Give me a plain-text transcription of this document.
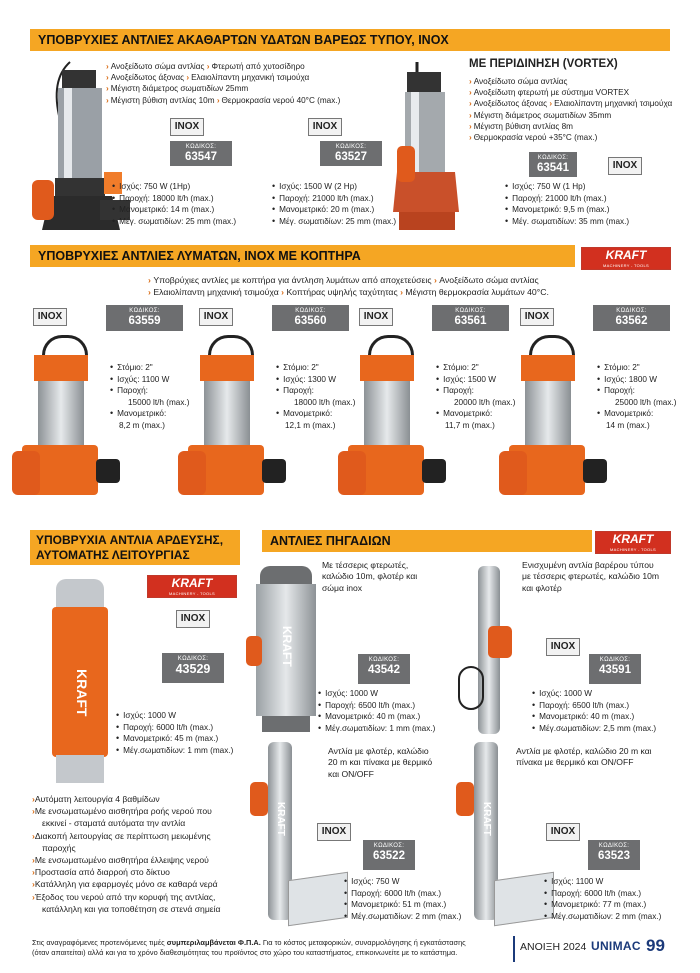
ΥΠΟΒΡΥΧΙΕΣ ΑΝΤΛΙΕΣ ΑΚΑΘΑΡΤΩΝ ΥΔΑΤΩΝ ΒΑΡΕΩΣ ΤΥΠΟΥ, INOX
› Ανοξείδωτο σώμα αντλίας › Φτερωτή από χυτοσίδηρο
› Ανοξείδωτος άξονας › Ελαιολίπαντη μηχανική τσιμούχα
› Μέγιστη διάμετρος σωματιδίων 25mm
› Μέγιστη βύθιση αντλίας 10m › Θερμοκρασία νερού 40°C (max.)
INOX
ΚΩΔΙΚΟΣ:
63547
• Ισχύς: 750 W (1Hp)
• Παροχή: 18000 lt/h (max.)
• Μανομετρικό: 14 m (max.)
• Μέγ. σωματιδίων: 25 mm (max.)
INOX
ΚΩΔΙΚΟΣ:
63527
• Ισχύς: 1500 W (2 Hp)
• Παροχή: 21000 lt/h (max.)
• Μανομετρικό: 20 m (max.)
• Μέγ. σωματιδίων: 25 mm (max.)
ΜΕ ΠΕΡΙΔΙΝΗΣΗ (VORTEX)
› Ανοξείδωτο σώμα αντλίας
› Ανοξείδωτη φτερωτή με σύστημα VORTEX
› Ανοξείδωτος άξονας › Ελαιολίπαντη μηχανική τσιμούχα
› Μέγιστη διάμετρος σωματιδίων 35mm
› Μέγιστη βύθιση αντλίας 8m
› Θερμοκρασία νερού +35°C (max.)
ΚΩΔΙΚΟΣ:
63541	INOX
• Ισχύς: 750 W (1 Hp)
• Παροχή: 21000 lt/h (max.)
• Μανομετρικό: 9,5 m (max.)
• Μέγ. σωματιδίων: 35 mm (max.)
ΥΠΟΒΡΥΧΙΕΣ ΑΝΤΛΙΕΣ ΛΥΜΑΤΩΝ, INOX ΜΕ ΚΟΠΤΗΡΑ	KRAFT
MACHINERY - TOOLS
› Υποβρύχιες αντλίες με κοπτήρα για άντληση λυμάτων από αποχετεύσεις › Ανοξείδωτο σώμα αντλίας
› Ελαιολίπαντη μηχανική τσιμούχα › Κοπτήρας υψηλής ταχύτητας › Μέγιστη θερμοκρασία λυμάτων 40°C.
INOX	ΚΩΔΙΚΟΣ:
63559
• Στόμιο: 2"
• Ισχύς: 1100 W
• Παροχή:
15000 lt/h (max.)
• Μανομετρικό:
8,2 m (max.)
INOX	ΚΩΔΙΚΟΣ:
63560
• Στόμιο: 2"
• Ισχύς: 1300 W
• Παροχή:
18000 lt/h (max.)
• Μανομετρικό:
12,1 m (max.)
INOX	ΚΩΔΙΚΟΣ:
63561
• Στόμιο: 2"
• Ισχύς: 1500 W
• Παροχή:
20000 lt/h (max.)
• Μανομετρικό:
11,7 m (max.)
INOX	ΚΩΔΙΚΟΣ:
63562
• Στόμιο: 2"
• Ισχύς: 1800 W
• Παροχή:
25000 lt/h (max.)
• Μανομετρικό:
14 m (max.)
ΥΠΟΒΡΥΧΙΑ ΑΝΤΛΙΑ ΑΡΔΕΥΣΗΣ,
ΑΥΤΟΜΑΤΗΣ ΛΕΙΤΟΥΡΓΙΑΣ
KRAFT
MACHINERY - TOOLS
KRAFT
INOX
ΚΩΔΙΚΟΣ:
43529
• Ισχύς: 1000 W
• Παροχή: 6000 lt/h (max.)
• Μανομετρικό: 45 m (max.)
• Μέγ.σωματιδίων: 1 mm (max.)
› Αυτόματη λειτουργία 4 βαθμίδων
› Με ενσωματωμένο αισθητήρα ροής νερού που εκκινεί - σταματά αυτόματα την αντλία
› Διακοπή λειτουργίας σε περίπτωση μειωμένης παροχής
› Με ενσωματωμένο αισθητήρα έλλειψης νερού
› Προστασία από διαρροή στο δίκτυο
› Κατάλληλη για εφαρμογές μόνο σε καθαρά νερά
› Έξοδος του νερού από την κορυφή της αντλίας, κατάλληλη και για τοποθέτηση σε στενά σημεία
ΑΝΤΛΙΕΣ ΠΗΓΑΔΙΩΝ	KRAFT
MACHINERY - TOOLS
KRAFT
Με τέσσερις φτερωτές, καλώδιο 10m, φλοτέρ και σώμα inox
ΚΩΔΙΚΟΣ:
43542
• Ισχύς: 1000 W
• Παροχή: 6500 lt/h (max.)
• Μανομετρικό: 40 m (max.)
• Μέγ.σωματιδίων: 1 mm (max.)
Ενισχυμένη αντλία βαρέρου τύπου με τέσσερις φτερωτές, καλώδιο 10m και φλοτέρ
INOX
ΚΩΔΙΚΟΣ:
43591
• Ισχύς: 1000 W
• Παροχή: 6500 lt/h (max.)
• Μανομετρικό: 40 m (max.)
• Μέγ.σωματιδίων: 2,5 mm (max.)
KRAFT
Αντλία με φλοτέρ, καλώδιο 20 m και πίνακα με θερμικό και ON/OFF
INOX
ΚΩΔΙΚΟΣ:
63522
• Ισχύς: 750 W
• Παροχή: 6000 lt/h (max.)
• Μανομετρικό: 51 m (max.)
• Μέγ.σωματιδίων: 2 mm (max.)
KRAFT
Αντλία με φλοτέρ, καλώδιο 20 m και πίνακα με θερμικό και ON/OFF
INOX
ΚΩΔΙΚΟΣ:
63523
• Ισχύς: 1100 W
• Παροχή: 6000 lt/h (max.)
• Μανομετρικό: 77 m (max.)
• Μέγ.σωματιδίων: 2 mm (max.)
Στις αναγραφόμενες προτεινόμενες τιμές συμπεριλαμβάνεται Φ.Π.Α. Για το κόστος μεταφορικών, συναρμολόγησης ή εγκατάστασης
(όταν απαιτείται) αλλά και για το χρόνο διαθεσιμότητας του προϊόντος στο χώρο του καταστήματος, επικοινωνείτε με το κατάστημα.	ΑΝΟΙΞΗ 2024 UNIMAC 99
